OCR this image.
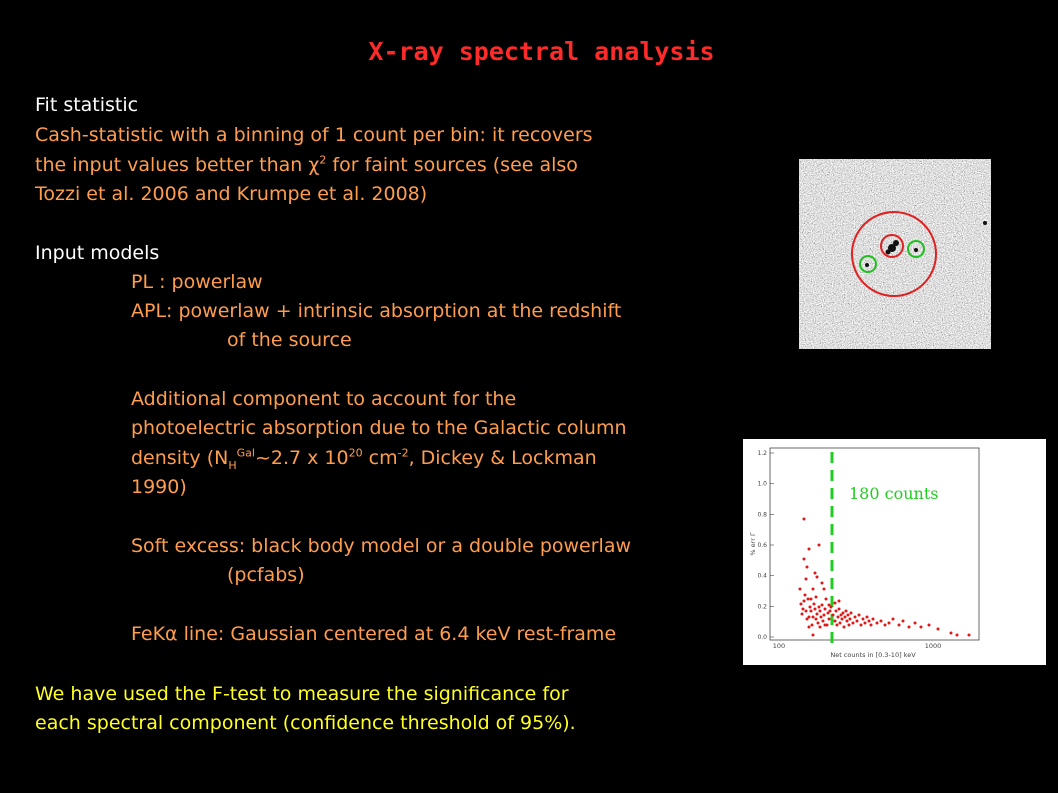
X-ray spectral analysis
Fit statistic
Cash-statistic with a binning of 1 count per bin: it recovers
the input values better than $\chi^2$ for faint sources (see also
Tozzi et al. 2006 and Krumpe et al. 2008)
Input models
PL : powerlaw
APL: powerlaw + intrinsic absorption at the redshift
of the source
Additional component to account for the
photoelectric absorption due to the Galactic column
density ($N_H^{Gal}\sim 2.7$ x $10^{20}$ $cm^{-2}$, Dickey & Lockman
1990)
Soft excess: black body model or a double powerlaw
(pcfabs)
FeKα line: Gaussian centered at 6.4 keV rest-frame
We have used the F-test to measure the significance for
each spectral component (confidence threshold of 95%).
0.0
0.2
0.4
0.6
0.8
1.0
1.2
100	1000
% err Γ
Net counts in [0.3-10] keV
180 counts
